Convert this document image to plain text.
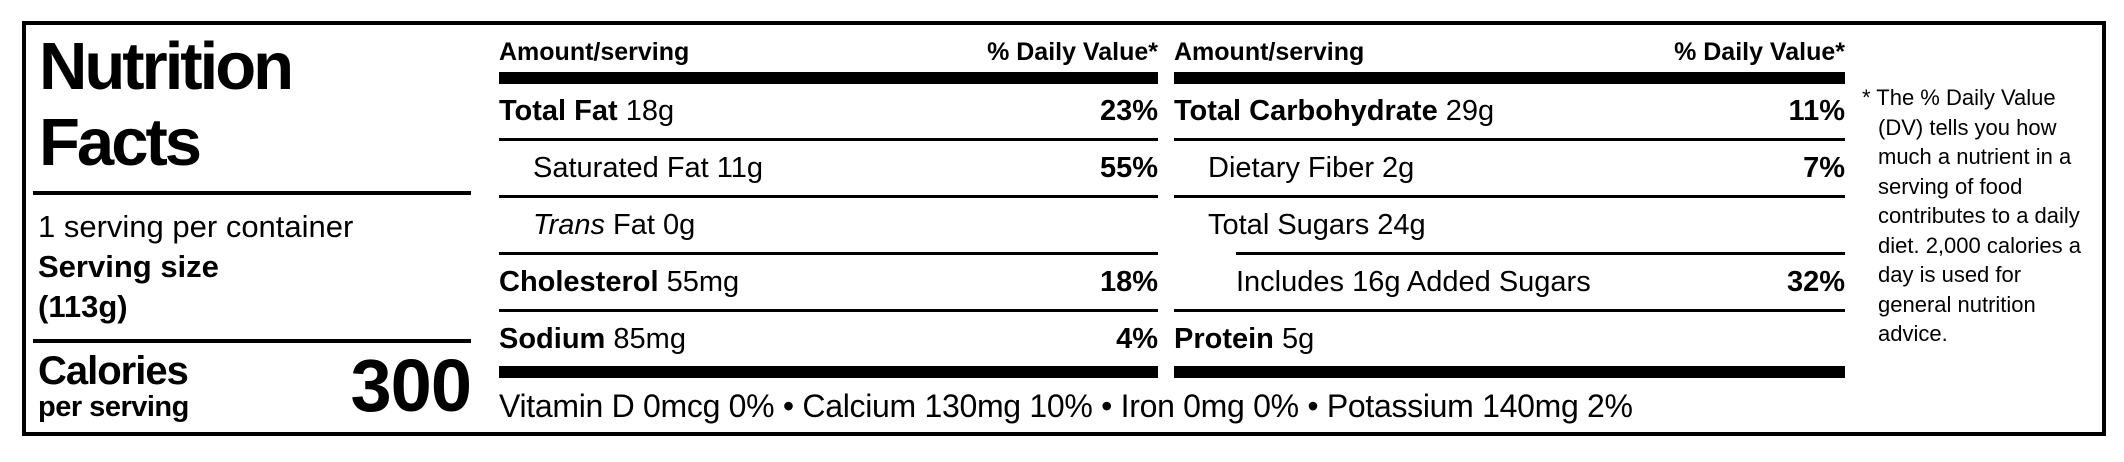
Nutrition
Facts
1 serving per container
Serving size
(113g)
Calories
per serving 300
Amount/serving	% Daily Value*
Total Fat 18g	23%
Saturated Fat 11g	55%
Trans Fat 0g
Cholesterol 55mg	18%
Sodium 85mg	4%
Amount/serving	% Daily Value*
Total Carbohydrate 29g	11%
Dietary Fiber 2g	7%
Total Sugars 24g
Includes 16g Added Sugars	32%
Protein 5g
Vitamin D 0mcg 0% • Calcium 130mg 10% • Iron 0mg 0% • Potassium 140mg 2%
* The % Daily Value (DV) tells you how much a nutrient in a serving of food contributes to a daily diet. 2,000 calories a day is used for general nutrition advice.
